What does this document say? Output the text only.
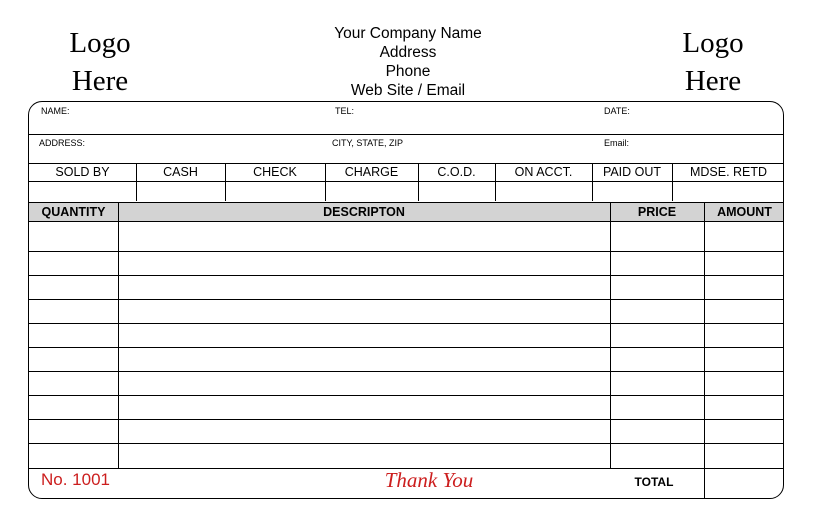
Logo
Here
Logo
Here
Your Company Name
Address
Phone
Web Site / Email
NAME:	TEL:	DATE:
ADDRESS:	CITY, STATE, ZIP	Email:
SOLD BY	CASH	CHECK	CHARGE	C.O.D.	ON ACCT.	PAID OUT	MDSE. RETD
QUANTITY	DESCRIPTON	PRICE	AMOUNT
No. 1001	Thank You	TOTAL
